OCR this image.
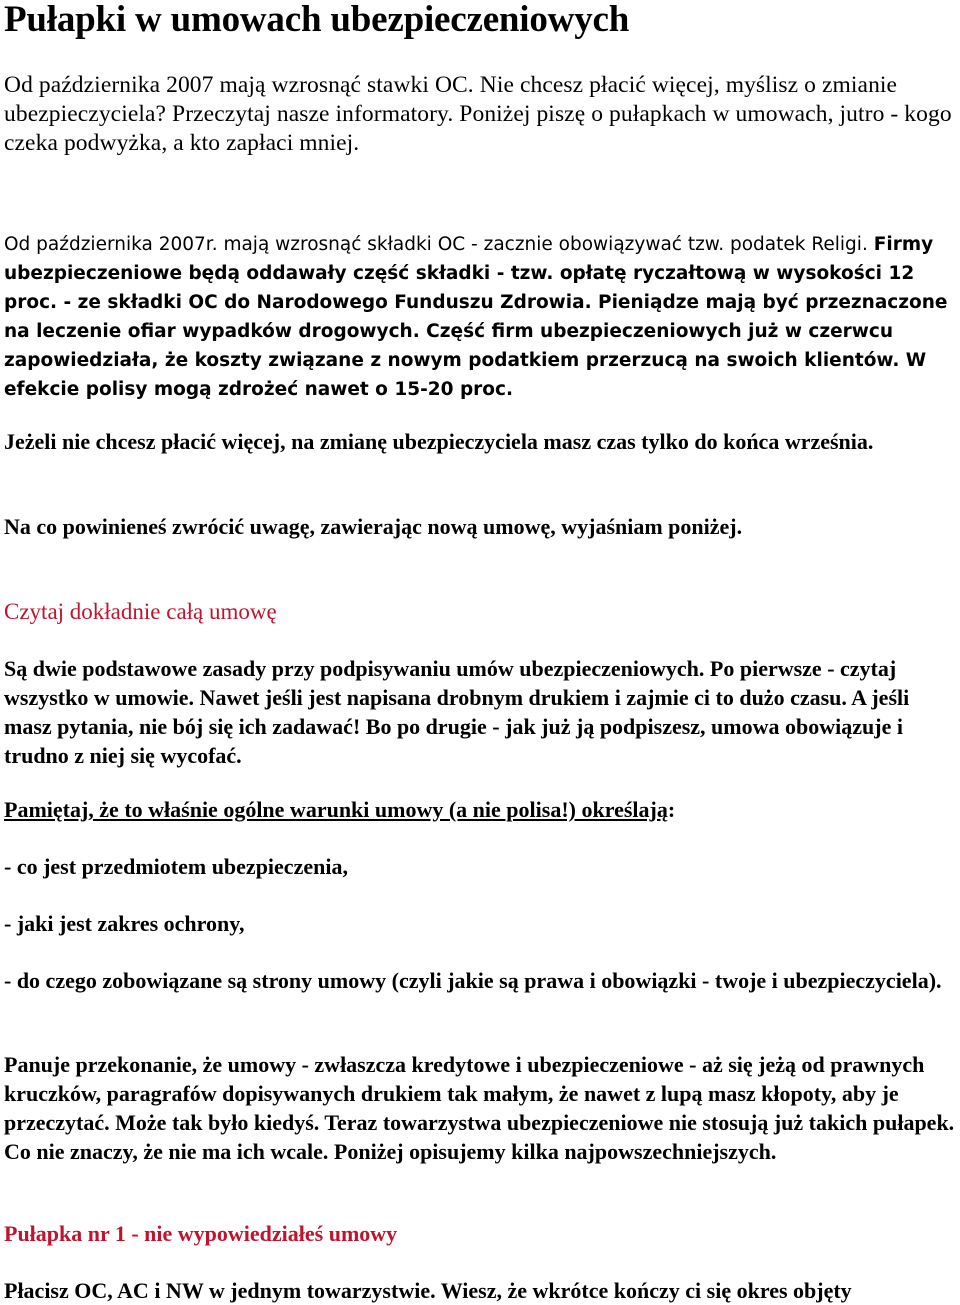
Pułapki w umowach ubezpieczeniowych

Od października 2007 mają wzrosnąć stawki OC. Nie chcesz płacić więcej, myślisz o zmianie ubezpieczyciela? Przeczytaj nasze informatory. Poniżej piszę o pułapkach w umowach, jutro - kogo czeka podwyżka, a kto zapłaci mniej.

Od października 2007r. mają wzrosnąć składki OC - zacznie obowiązywać tzw. podatek Religi. Firmy ubezpieczeniowe będą oddawały część składki - tzw. opłatę ryczałtową w wysokości 12 proc. - ze składki OC do Narodowego Funduszu Zdrowia. Pieniądze mają być przeznaczone na leczenie ofiar wypadków drogowych. Część firm ubezpieczeniowych już w czerwcu zapowiedziała, że koszty związane z nowym podatkiem przerzucą na swoich klientów. W efekcie polisy mogą zdrożeć nawet o 15-20 proc.

Jeżeli nie chcesz płacić więcej, na zmianę ubezpieczyciela masz czas tylko do końca września.

Na co powinieneś zwrócić uwagę, zawierając nową umowę, wyjaśniam poniżej.

Czytaj dokładnie całą umowę

Są dwie podstawowe zasady przy podpisywaniu umów ubezpieczeniowych. Po pierwsze - czytaj wszystko w umowie. Nawet jeśli jest napisana drobnym drukiem i zajmie ci to dużo czasu. A jeśli masz pytania, nie bój się ich zadawać! Bo po drugie - jak już ją podpiszesz, umowa obowiązuje i trudno z niej się wycofać.

Pamiętaj, że to właśnie ogólne warunki umowy (a nie polisa!) określają:

- co jest przedmiotem ubezpieczenia,

- jaki jest zakres ochrony,

- do czego zobowiązane są strony umowy (czyli jakie są prawa i obowiązki - twoje i ubezpieczyciela).

Panuje przekonanie, że umowy - zwłaszcza kredytowe i ubezpieczeniowe - aż się jeżą od prawnych kruczków, paragrafów dopisywanych drukiem tak małym, że nawet z lupą masz kłopoty, aby je przeczytać. Może tak było kiedyś. Teraz towarzystwa ubezpieczeniowe nie stosują już takich pułapek. Co nie znaczy, że nie ma ich wcale. Poniżej opisujemy kilka najpowszechniejszych.

Pułapka nr 1 - nie wypowiedziałeś umowy

Płacisz OC, AC i NW w jednym towarzystwie. Wiesz, że wkrótce kończy ci się okres objęty
